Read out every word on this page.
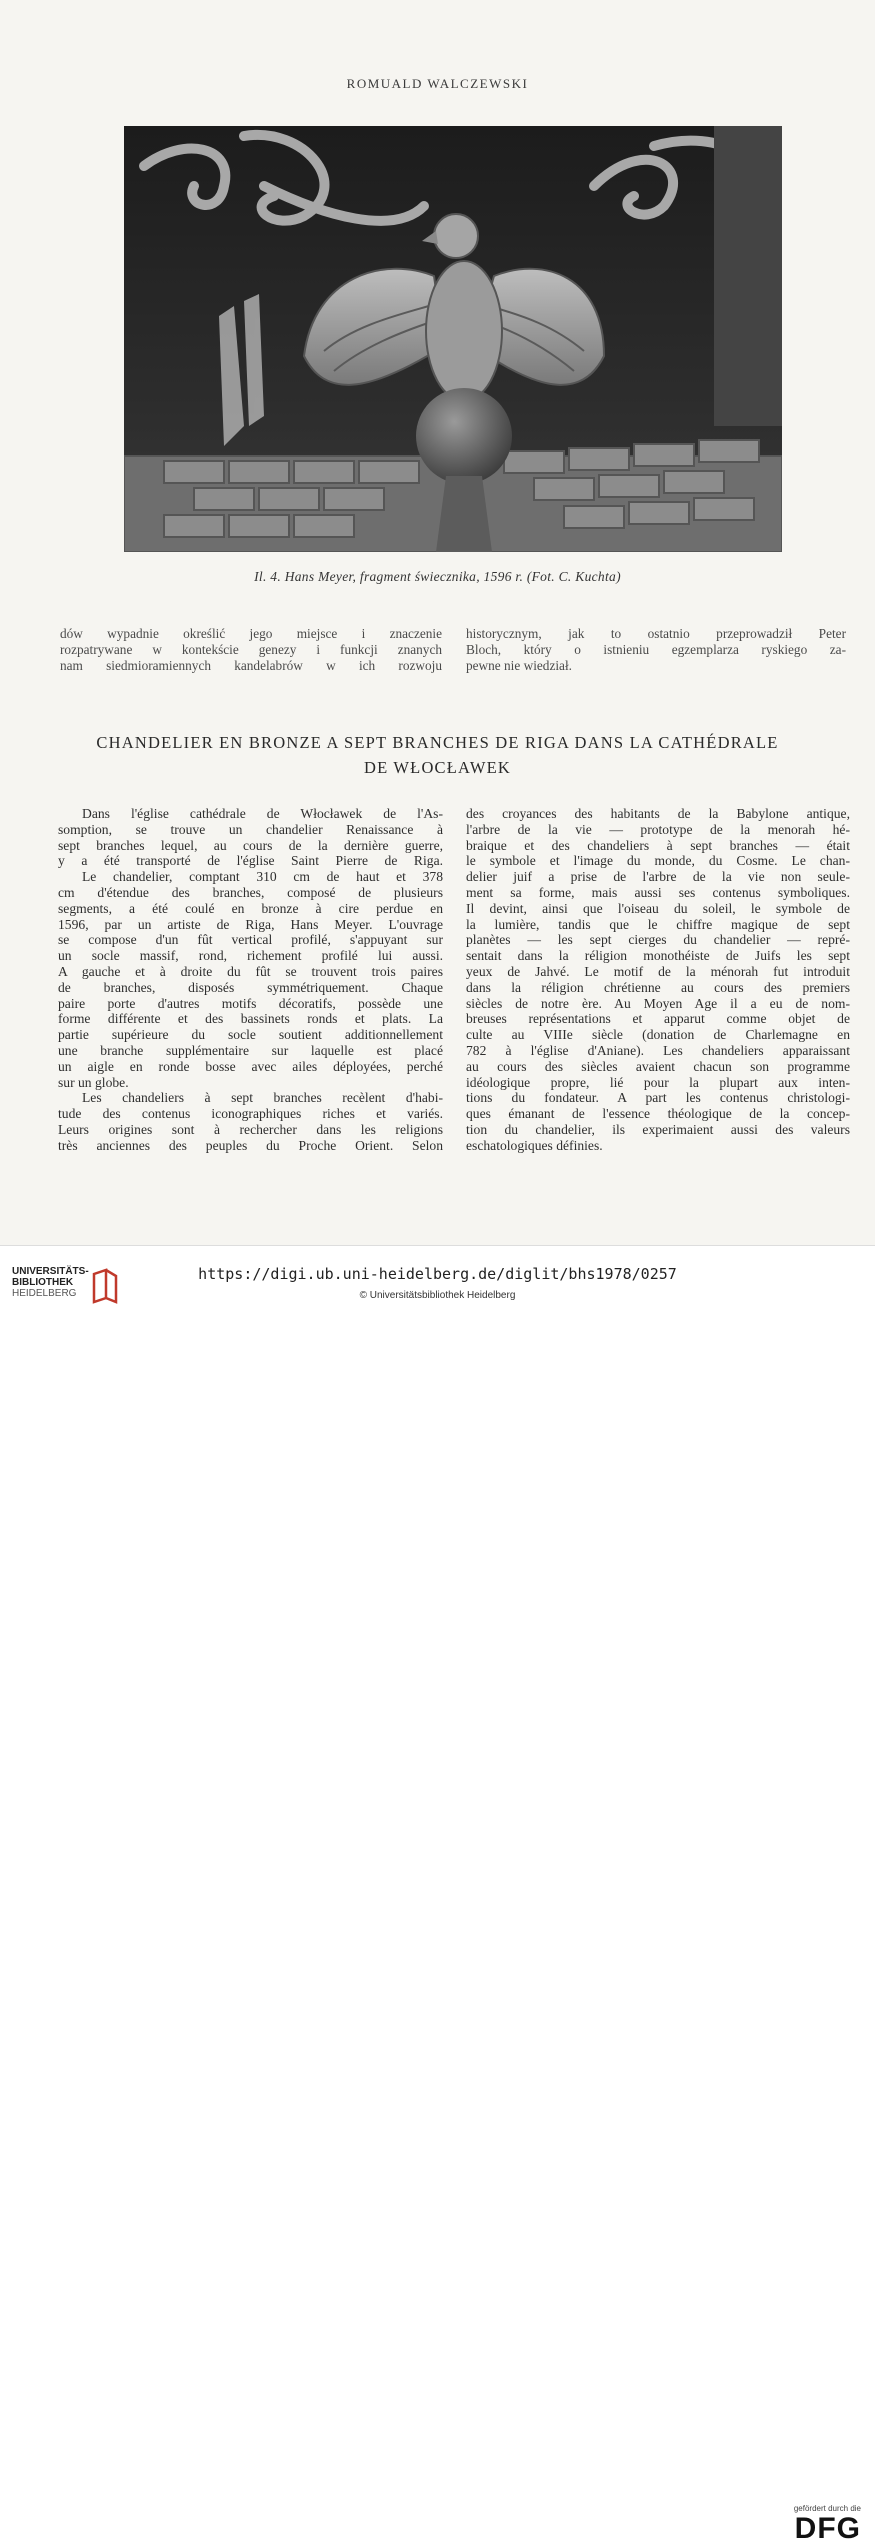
ROMUALD WALCZEWSKI
Il. 4. Hans Meyer, fragment świecznika, 1596 r. (Fot. C. Kuchta)
dów wypadnie określić jego miejsce i znaczenie
rozpatrywane w kontekście genezy i funkcji znanych
nam siedmioramiennych kandelabrów w ich rozwoju
historycznym, jak to ostatnio przeprowadził Peter
Bloch, który o istnieniu egzemplarza ryskiego za-
pewne nie wiedział.
CHANDELIER EN BRONZE A SEPT BRANCHES DE RIGA DANS LA CATHÉDRALE
DE WŁOCŁAWEK
Dans l'église cathédrale de Włocławek de l'As-
somption, se trouve un chandelier Renaissance à
sept branches lequel, au cours de la dernière guerre,
y a été transporté de l'église Saint Pierre de Riga.
Le chandelier, comptant 310 cm de haut et 378
cm d'étendue des branches, composé de plusieurs
segments, a été coulé en bronze à cire perdue en
1596, par un artiste de Riga, Hans Meyer. L'ouvrage
se compose d'un fût vertical profilé, s'appuyant sur
un socle massif, rond, richement profilé lui aussi.
A gauche et à droite du fût se trouvent trois paires
de branches, disposés symmétriquement. Chaque
paire porte d'autres motifs décoratifs, possède une
forme différente et des bassinets ronds et plats. La
partie supérieure du socle soutient additionnellement
une branche supplémentaire sur laquelle est placé
un aigle en ronde bosse avec ailes déployées, perché
sur un globe.
Les chandeliers à sept branches recèlent d'habi-
tude des contenus iconographiques riches et variés.
Leurs origines sont à rechercher dans les religions
très anciennes des peuples du Proche Orient. Selon
des croyances des habitants de la Babylone antique,
l'arbre de la vie — prototype de la menorah hé-
braique et des chandeliers à sept branches — était
le symbole et l'image du monde, du Cosme. Le chan-
delier juif a prise de l'arbre de la vie non seule-
ment sa forme, mais aussi ses contenus symboliques.
Il devint, ainsi que l'oiseau du soleil, le symbole de
la lumière, tandis que le chiffre magique de sept
planètes — les sept cierges du chandelier — repré-
sentait dans la réligion monothéiste de Juifs les sept
yeux de Jahvé. Le motif de la ménorah fut introduit
dans la réligion chrétienne au cours des premiers
siècles de notre ère. Au Moyen Age il a eu de nom-
breuses représentations et apparut comme objet de
culte au VIIIe siècle (donation de Charlemagne en
782 à l'église d'Aniane). Les chandeliers apparaissant
au cours des siècles avaient chacun son programme
idéologique propre, lié pour la plupart aux inten-
tions du fondateur. A part les contenus christologi-
ques émanant de l'essence théologique de la concep-
tion du chandelier, ils experimaient aussi des valeurs
eschatologiques définies.
UNIVERSITÄTS-
BIBLIOTHEK
HEIDELBERG
gefördert durch die
DFG
https://digi.ub.uni-heidelberg.de/diglit/bhs1978/0257
© Universitätsbibliothek Heidelberg
